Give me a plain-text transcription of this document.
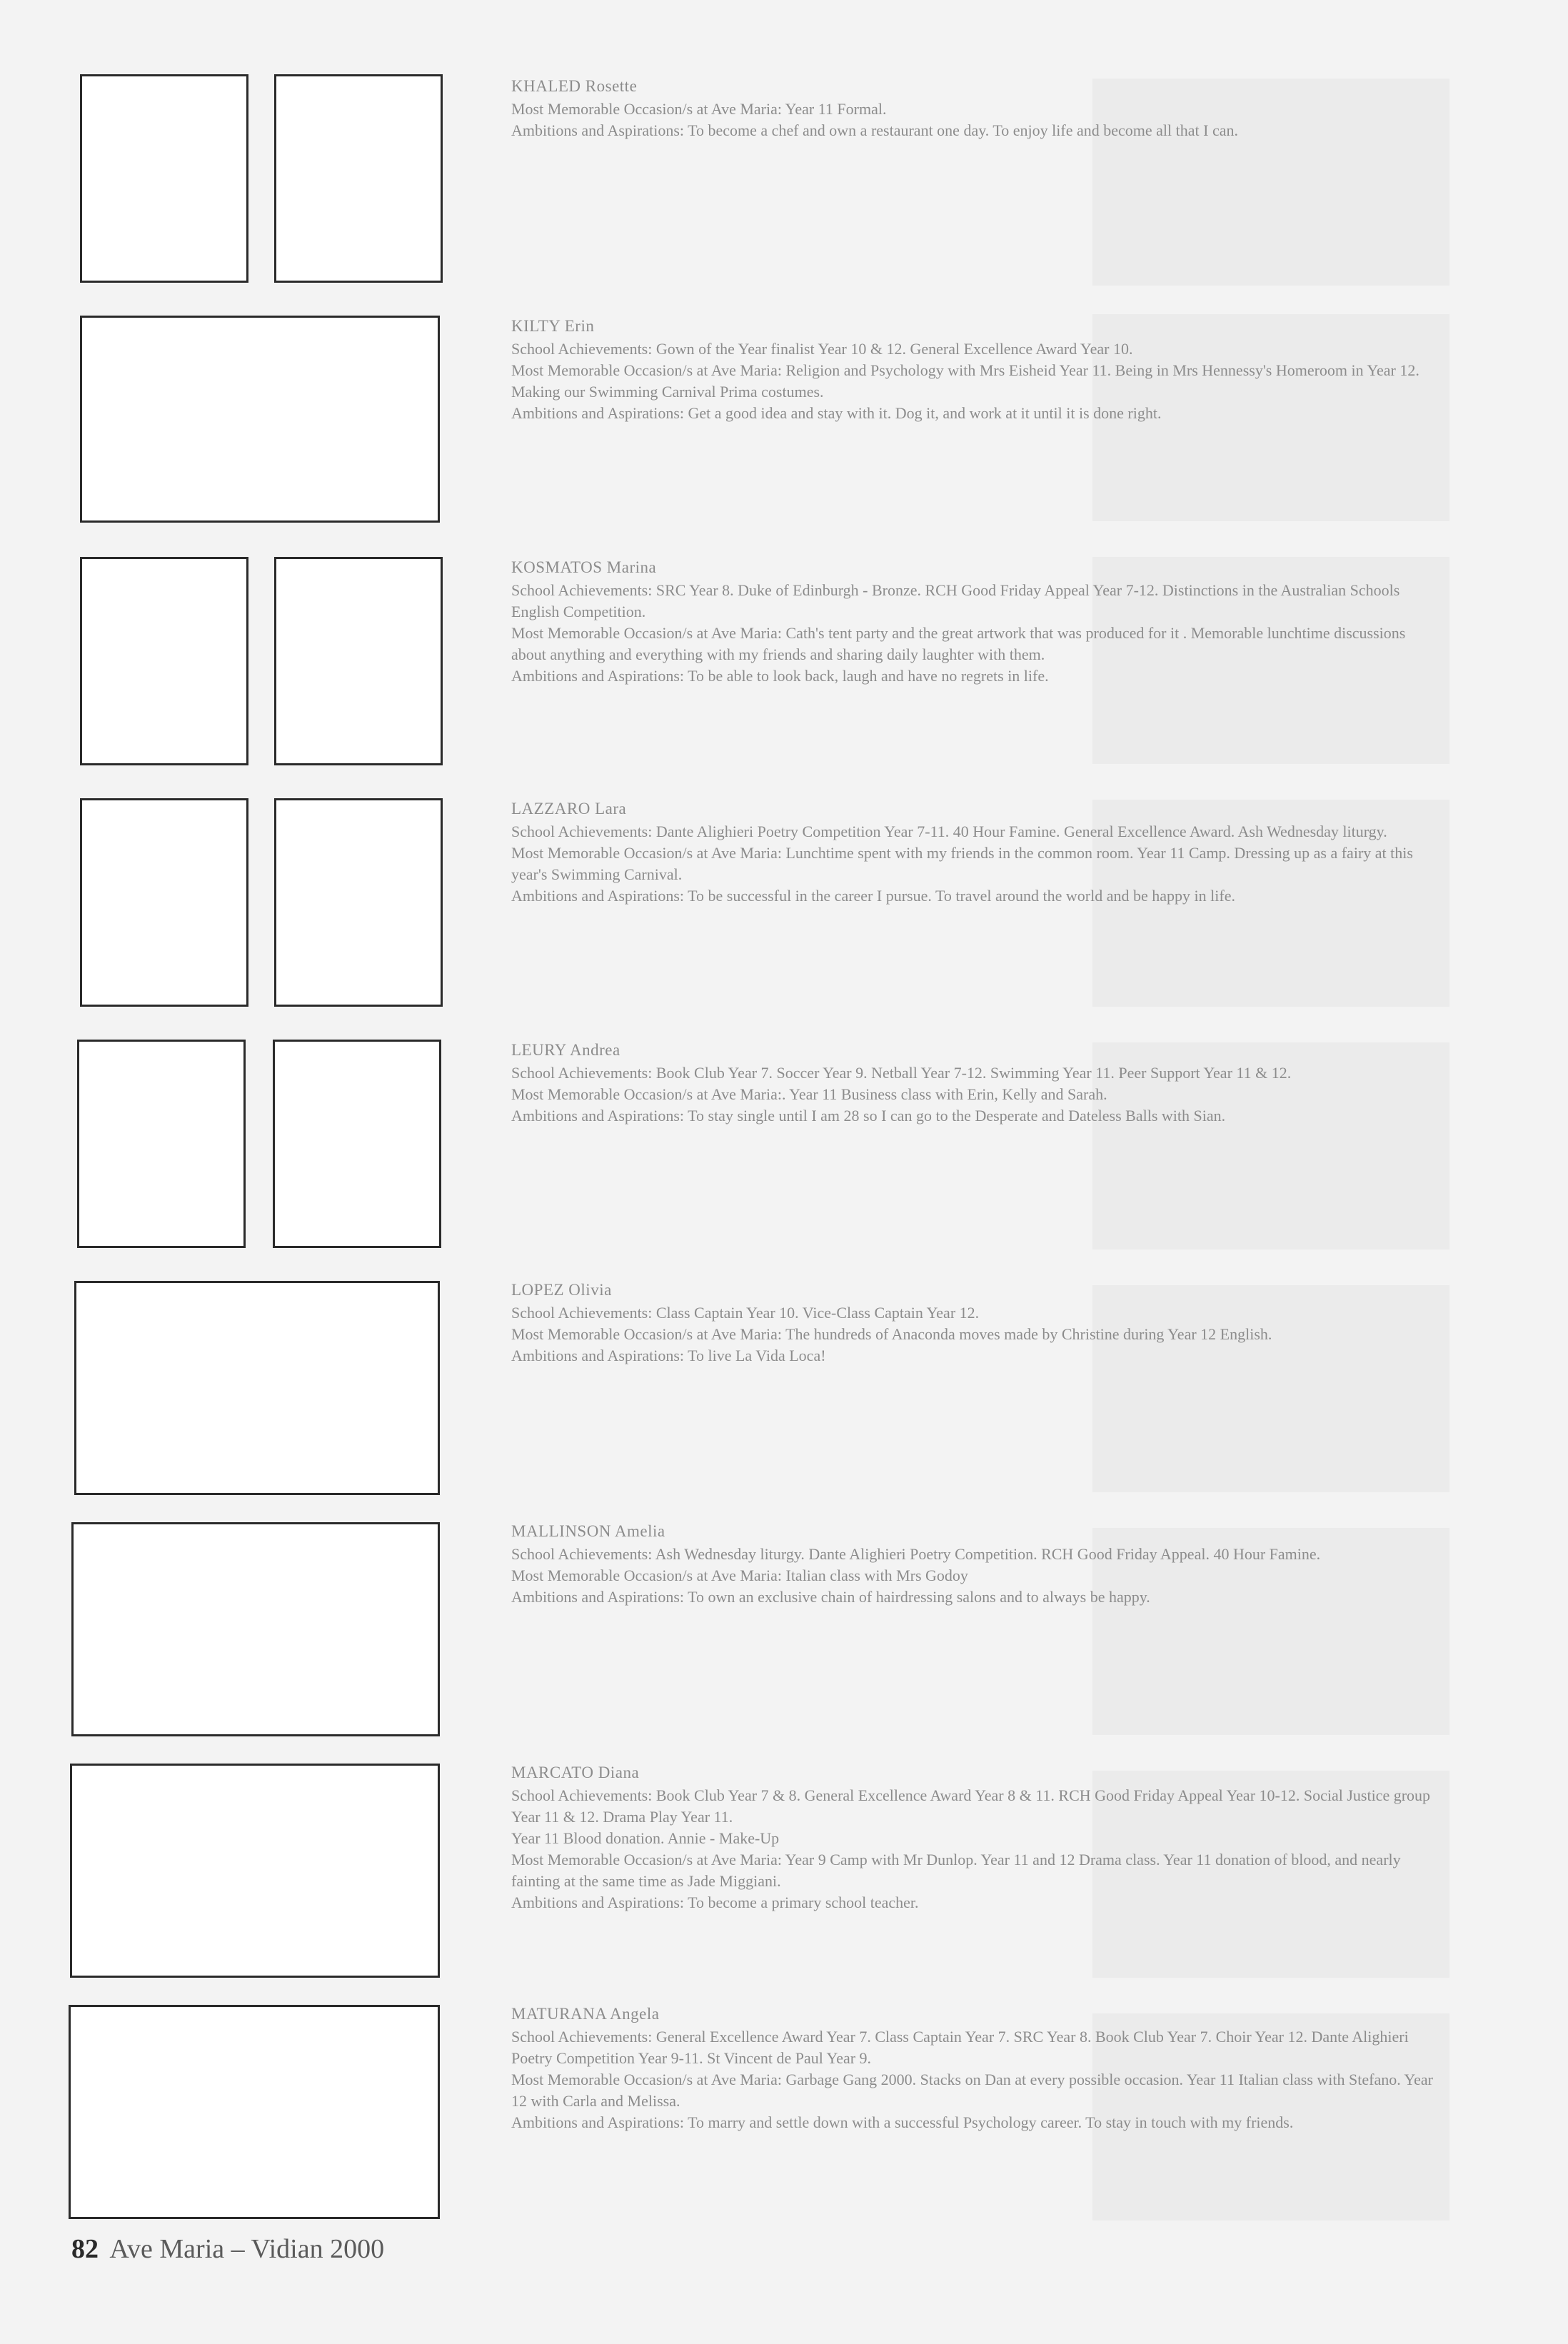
KHALED Rosette

Most Memorable Occasion/s at Ave Maria: Year 11 Formal.

Ambitions and Aspirations: To become a chef and own a restaurant one day. To enjoy life and become all that I can.

KILTY Erin

School Achievements: Gown of the Year finalist Year 10 & 12. General Excellence Award Year 10.

Most Memorable Occasion/s at Ave Maria: Religion and Psychology with Mrs Eisheid Year 11. Being in Mrs Hennessy's Homeroom in Year 12. Making our Swimming Carnival Prima costumes.

Ambitions and Aspirations: Get a good idea and stay with it. Dog it, and work at it until it is done right.

KOSMATOS Marina

School Achievements: SRC Year 8. Duke of Edinburgh - Bronze. RCH Good Friday Appeal Year 7-12. Distinctions in the Australian Schools English Competition.

Most Memorable Occasion/s at Ave Maria: Cath's tent party and the great artwork that was produced for it . Memorable lunchtime discussions about anything and everything with my friends and sharing daily laughter with them.

Ambitions and Aspirations: To be able to look back, laugh and have no regrets in life.

LAZZARO Lara

School Achievements: Dante Alighieri Poetry Competition Year 7-11. 40 Hour Famine. General Excellence Award. Ash Wednesday liturgy.

Most Memorable Occasion/s at Ave Maria: Lunchtime spent with my friends in the common room. Year 11 Camp. Dressing up as a fairy at this year's Swimming Carnival.

Ambitions and Aspirations: To be successful in the career I pursue. To travel around the world and be happy in life.

LEURY Andrea

School Achievements: Book Club Year 7. Soccer Year 9. Netball Year 7-12. Swimming Year 11. Peer Support Year 11 & 12.

Most Memorable Occasion/s at Ave Maria:. Year 11 Business class with Erin, Kelly and Sarah.

Ambitions and Aspirations: To stay single until I am 28 so I can go to the Desperate and Dateless Balls with Sian.

LOPEZ Olivia

School Achievements: Class Captain Year 10. Vice-Class Captain Year 12.

Most Memorable Occasion/s at Ave Maria: The hundreds of Anaconda moves made by Christine during Year 12 English.

Ambitions and Aspirations: To live La Vida Loca!

MALLINSON Amelia

School Achievements: Ash Wednesday liturgy. Dante Alighieri Poetry Competition. RCH Good Friday Appeal. 40 Hour Famine.

Most Memorable Occasion/s at Ave Maria: Italian class with Mrs Godoy

Ambitions and Aspirations: To own an exclusive chain of hairdressing salons and to always be happy.

MARCATO Diana

School Achievements: Book Club Year 7 & 8. General Excellence Award Year 8 & 11. RCH Good Friday Appeal Year 10-12. Social Justice group Year 11 & 12. Drama Play Year 11.

Year 11 Blood donation. Annie - Make-Up

Most Memorable Occasion/s at Ave Maria: Year 9 Camp with Mr Dunlop. Year 11 and 12 Drama class. Year 11 donation of blood, and nearly fainting at the same time as Jade Miggiani.

Ambitions and Aspirations: To become a primary school teacher.

MATURANA Angela

School Achievements: General Excellence Award Year 7. Class Captain Year 7. SRC Year 8. Book Club Year 7. Choir Year 12. Dante Alighieri Poetry Competition Year 9-11. St Vincent de Paul Year 9.

Most Memorable Occasion/s at Ave Maria: Garbage Gang 2000. Stacks on Dan at every possible occasion. Year 11 Italian class with Stefano. Year 12 with Carla and Melissa.

Ambitions and Aspirations: To marry and settle down with a successful Psychology career. To stay in touch with my friends.

82 Ave Maria – Vidian 2000
